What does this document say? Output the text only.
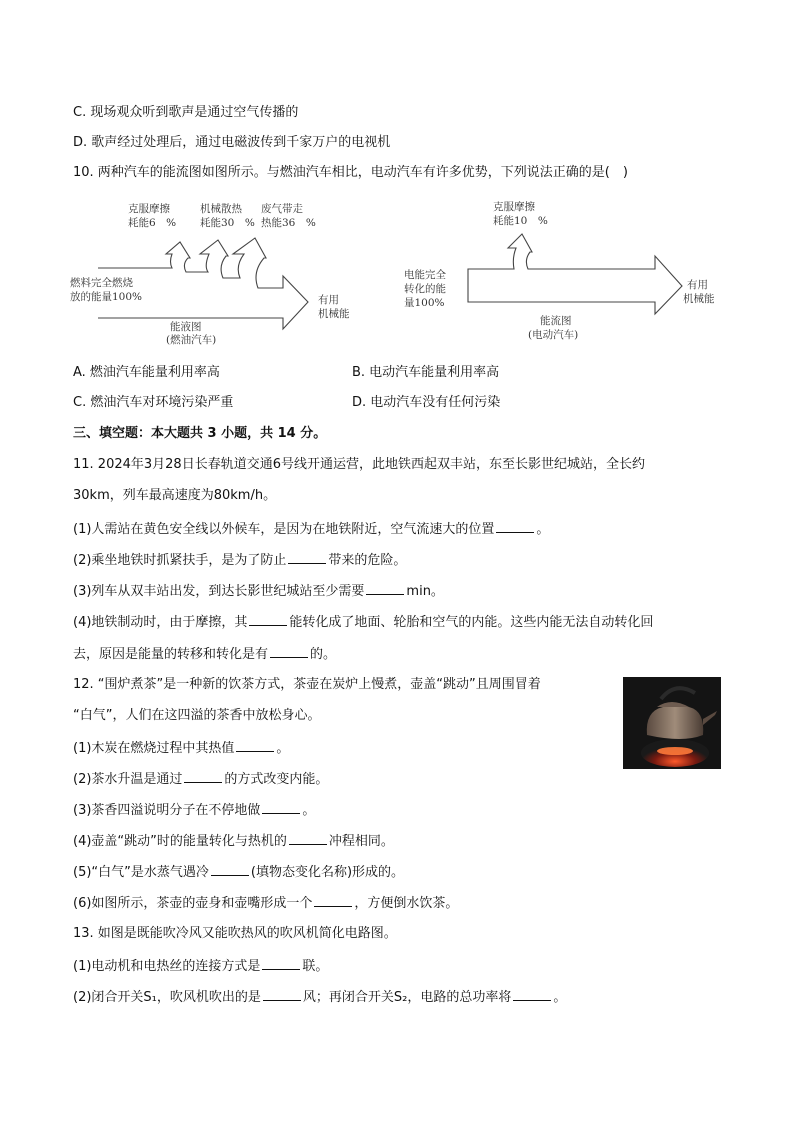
C. 现场观众听到歌声是通过空气传播的
D. 歌声经过处理后，通过电磁波传到千家万户的电视机
10. 两种汽车的能流图如图所示。与燃油汽车相比，电动汽车有许多优势，下列说法正确的是(　)
克服摩擦
耗能6　%
机械散热
耗能30　%
废气带走
热能36　%
燃料完全燃烧
放的能量100%
能液图
(燃油汽车)
有用
机械能
克服摩擦
耗能10　%
电能完全
转化的能
量100%
有用
机械能
能流图
(电动汽车)
A. 燃油汽车能量利用率高	B. 电动汽车能量利用率高
C. 燃油汽车对环境污染严重	D. 电动汽车没有任何污染
三、填空题：本大题共 3 小题，共 14 分。
11. 2024年3月28日长春轨道交通6号线开通运营，此地铁西起双丰站，东至长影世纪城站，全长约
30km，列车最高速度为80km/h。
(1)人需站在黄色安全线以外候车，是因为在地铁附近，空气流速大的位置	。
(2)乘坐地铁时抓紧扶手，是为了防止	带来的危险。
(3)列车从双丰站出发，到达长影世纪城站至少需要	min。
(4)地铁制动时，由于摩擦，其	能转化成了地面、轮胎和空气的内能。这些内能无法自动转化回
去，原因是能量的转移和转化是有	的。
12. “围炉煮茶”是一种新的饮茶方式，茶壶在炭炉上慢煮，壶盖“跳动”且周围冒着
“白气”，人们在这四溢的茶香中放松身心。
(1)木炭在燃烧过程中其热值	。
(2)茶水升温是通过	的方式改变内能。
(3)茶香四溢说明分子在不停地做	。
(4)壶盖“跳动”时的能量转化与热机的	冲程相同。
(5)“白气”是水蒸气遇冷	(填物态变化名称)形成的。
(6)如图所示，茶壶的壶身和壶嘴形成一个	，方便倒水饮茶。
13. 如图是既能吹冷风又能吹热风的吹风机简化电路图。
(1)电动机和电热丝的连接方式是	联。
(2)闭合开关S₁，吹风机吹出的是	风；再闭合开关S₂，电路的总功率将	。
